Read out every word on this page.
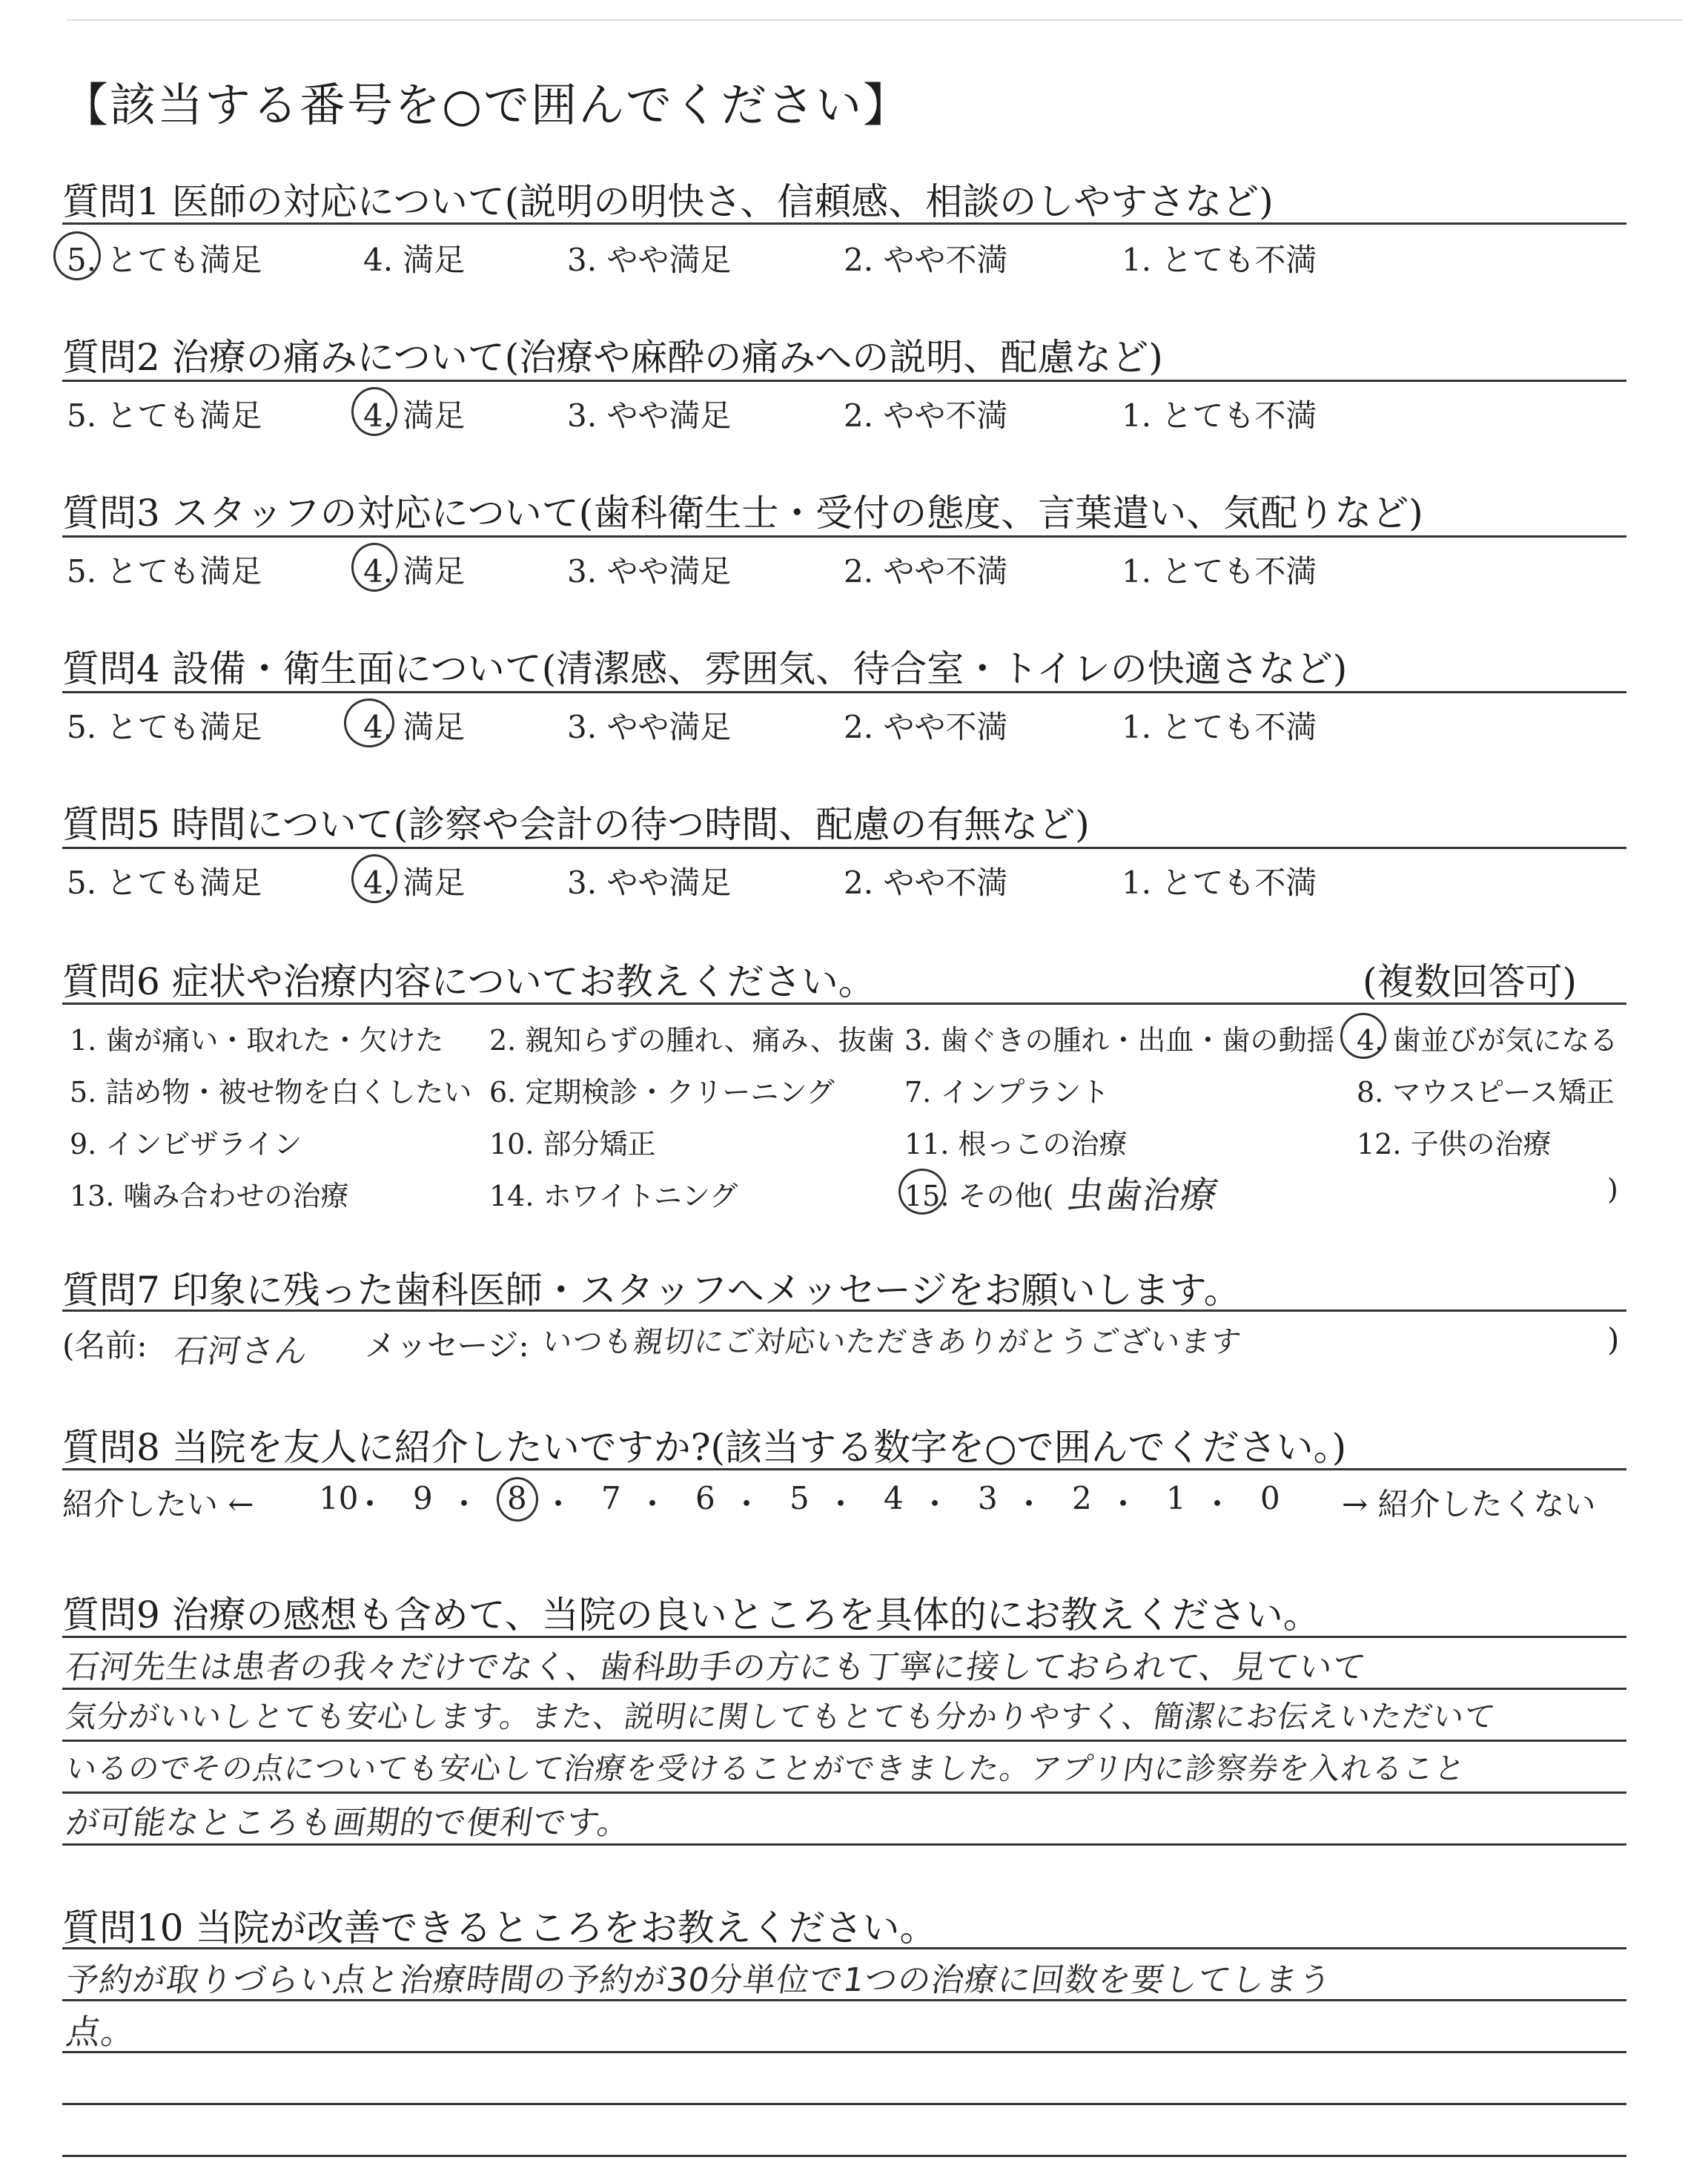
【該当する番号を○で囲んでください】
質問1 医師の対応について(説明の明快さ、信頼感、相談のしやすさなど)
5. とても満足	4. 満足	3. やや満足	2. やや不満	1. とても不満
質問2 治療の痛みについて(治療や麻酔の痛みへの説明、配慮など)
5. とても満足	4. 満足	3. やや満足	2. やや不満	1. とても不満
質問3 スタッフの対応について(歯科衛生士・受付の態度、言葉遣い、気配りなど)
5. とても満足	4. 満足	3. やや満足	2. やや不満	1. とても不満
質問4 設備・衛生面について(清潔感、雰囲気、待合室・トイレの快適さなど)
5. とても満足	4. 満足	3. やや満足	2. やや不満	1. とても不満
質問5 時間について(診察や会計の待つ時間、配慮の有無など)
5. とても満足	4. 満足	3. やや満足	2. やや不満	1. とても不満
質問6 症状や治療内容についてお教えください。	(複数回答可)
1. 歯が痛い・取れた・欠けた 2. 親知らずの腫れ、痛み、抜歯 3. 歯ぐきの腫れ・出血・歯の動揺 4. 歯並びが気になる
5. 詰め物・被せ物を白くしたい 6. 定期検診・クリーニング 7. インプラント	8. マウスピース矯正
9. インビザライン	10. 部分矯正	11. 根っこの治療	12. 子供の治療
13. 噛み合わせの治療	14. ホワイトニング	15. その他( 虫歯治療	)
質問7 印象に残った歯科医師・スタッフへメッセージをお願いします。
(名前: 石河さん メッセージ: いつも親切にご対応いただきありがとうございます	)
質問8 当院を友人に紹介したいですか?(該当する数字を○で囲んでください。)
紹介したい ←	→ 紹介したくない
10
・ 9 ・ 8 ・ 7 ・ 6 ・ 5 ・ 4 ・ 3 ・ 2 ・ 1 ・ 0
質問9 治療の感想も含めて、当院の良いところを具体的にお教えください。
石河先生は患者の我々だけでなく、歯科助手の方にも丁寧に接しておられて、見ていて
気分がいいしとても安心します。また、説明に関してもとても分かりやすく、簡潔にお伝えいただいて
いるのでその点についても安心して治療を受けることができました。アプリ内に診察券を入れること
が可能なところも画期的で便利です。
質問10 当院が改善できるところをお教えください。
予約が取りづらい点と治療時間の予約が30分単位で1つの治療に回数を要してしまう
点。
